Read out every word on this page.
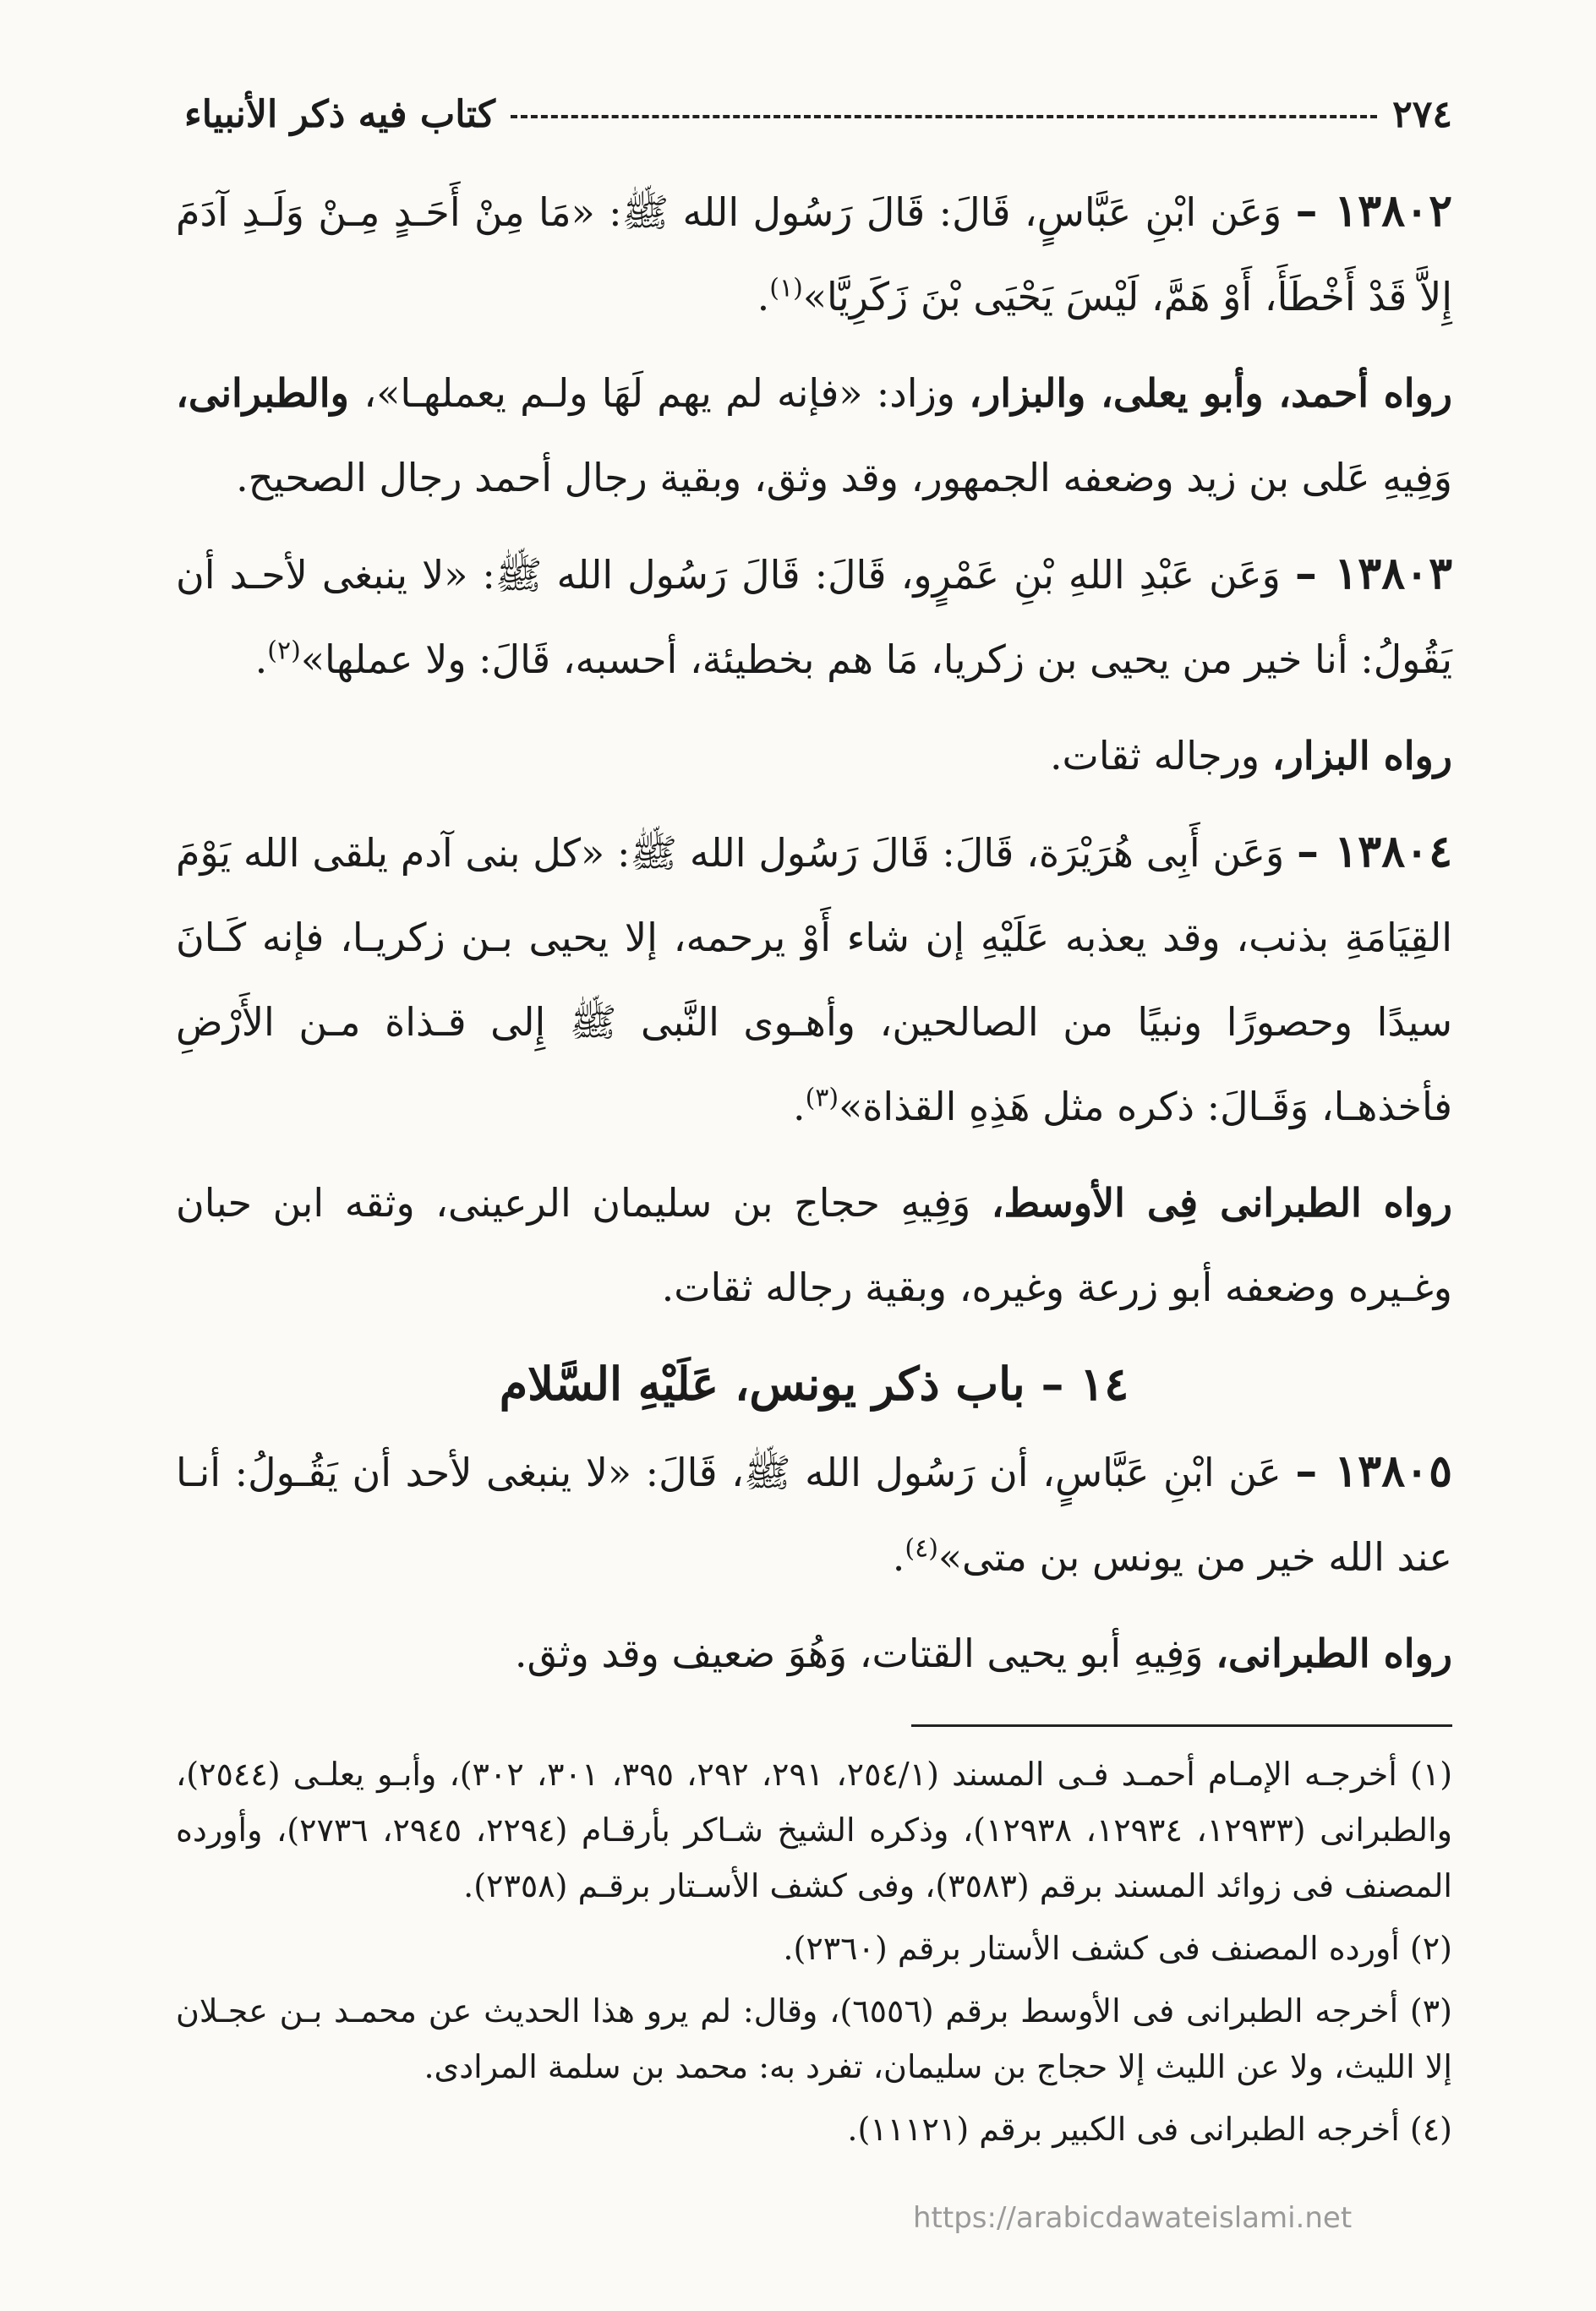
٢٧٤
كتاب فيه ذكر الأنبياء

١٣٨٠٢ – وَعَن ابْنِ عَبَّاسٍ، قَالَ: قَالَ رَسُول الله ﷺ: «مَا مِنْ أَحَـدٍ مِـنْ وَلَـدِ آدَمَ إِلاَّ قَدْ أَخْطَأَ، أَوْ هَمَّ، لَيْسَ يَحْيَى بْنَ زَكَرِيَّا»$^{(١)}$.

رواه أحمد، وأبو يعلى، والبزار، وزاد: «فإنه لم يهم لَهَا ولـم يعملهـا»، والطبرانى، وَفِيهِ عَلى بن زيد وضعفه الجمهور، وقد وثق، وبقية رجال أحمد رجال الصحيح.

١٣٨٠٣ – وَعَن عَبْدِ اللهِ بْنِ عَمْرٍو، قَالَ: قَالَ رَسُول الله ﷺ: «لا ينبغى لأحـد أن يَقُولُ: أنا خير من يحيى بن زكريا، مَا هم بخطيئة، أحسبه، قَالَ: ولا عملها»$^{(٢)}$.

رواه البزار، ورجاله ثقات.

١٣٨٠٤ – وَعَن أَبِى هُرَيْرَة، قَالَ: قَالَ رَسُول الله ﷺ: «كل بنى آدم يلقى الله يَوْمَ القِيَامَةِ بذنب، وقد يعذبه عَلَيْهِ إن شاء أَوْ يرحمه، إلا يحيى بـن زكريـا، فإنه كَـانَ سيدًا وحصورًا ونبيًا من الصالحين، وأهـوى النَّبى ﷺ إِلى قـذاة مـن الأَرْضِ فأخذهـا، وَقَـالَ: ذكره مثل هَذِهِ القذاة»$^{(٣)}$.

رواه الطبرانى فِى الأوسط، وَفِيهِ حجاج بن سليمان الرعينى، وثقه ابن حبان وغـيره وضعفه أبو زرعة وغيره، وبقية رجاله ثقات.

١٤ – باب ذكر يونس، عَلَيْهِ السَّلام

١٣٨٠٥ – عَن ابْنِ عَبَّاسٍ، أن رَسُول الله ﷺ، قَالَ: «لا ينبغى لأحد أن يَقُـولُ: أنـا عند الله خير من يونس بن متى»$^{(٤)}$.

رواه الطبرانى، وَفِيهِ أبو يحيى القتات، وَهُوَ ضعيف وقد وثق.

(١) أخرجـه الإمـام أحمـد فـى المسند (٢٥٤/١، ٢٩١، ٢٩٢، ٣٩٥، ٣٠١، ٣٠٢)، وأبـو يعلـى (٢٥٤٤)، والطبرانى (١٢٩٣٣، ١٢٩٣٤، ١٢٩٣٨)، وذكره الشيخ شـاكر بأرقـام (٢٢٩٤، ٢٩٤٥، ٢٧٣٦)، وأورده المصنف فى زوائد المسند برقم (٣٥٨٣)، وفى كشف الأسـتار برقـم (٢٣٥٨).

(٢) أورده المصنف فى كشف الأستار برقم (٢٣٦٠).

(٣) أخرجه الطبرانى فى الأوسط برقم (٦٥٥٦)، وقال: لم يرو هذا الحديث عن محمـد بـن عجـلان إلا الليث، ولا عن الليث إلا حجاج بن سليمان، تفرد به: محمد بن سلمة المرادى.

(٤) أخرجه الطبرانى فى الكبير برقم (١١١٢١).

https://arabicdawateislami.net
